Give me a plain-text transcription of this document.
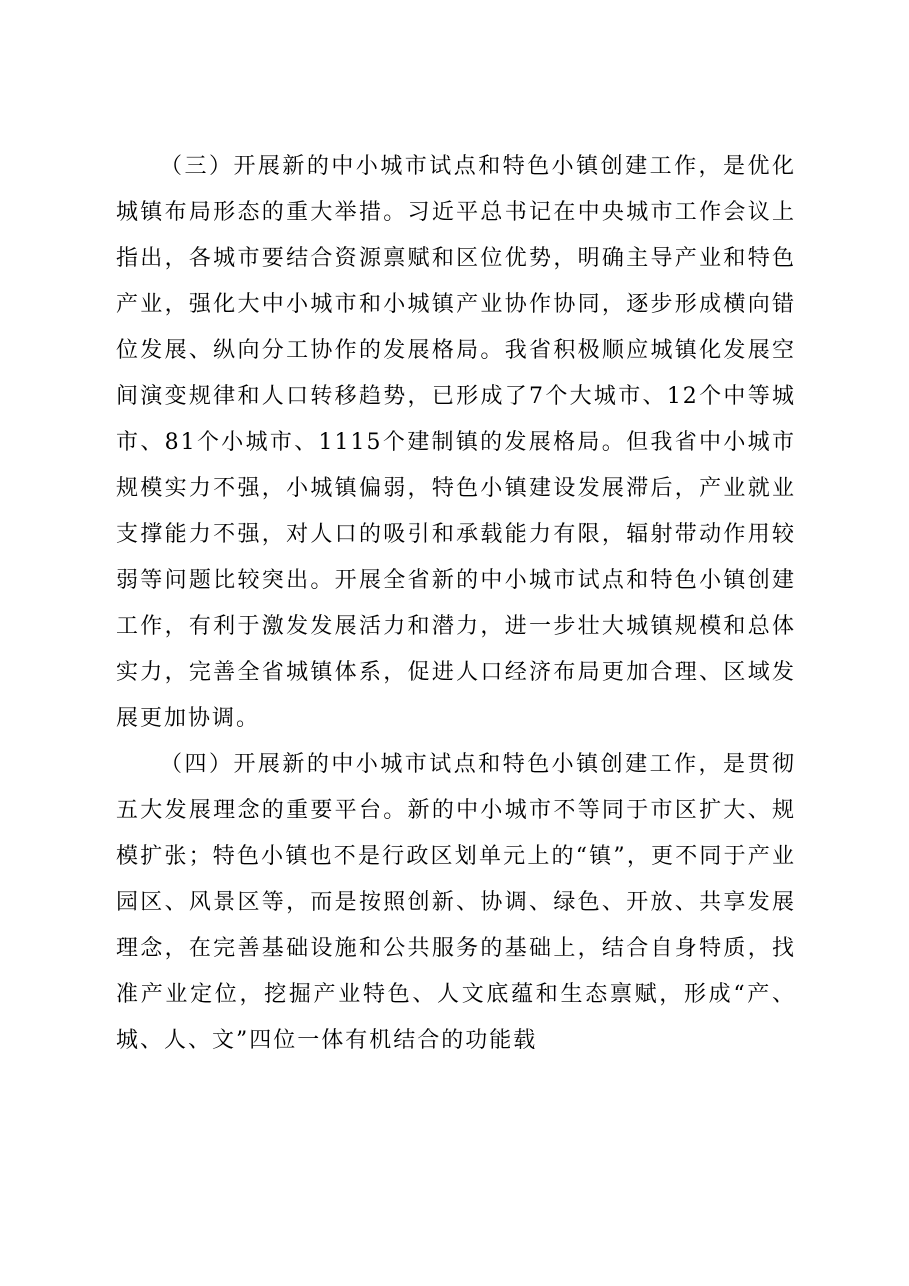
（三）开展新的中小城市试点和特色小镇创建工作，是优化城镇布局形态的重大举措。习近平总书记在中央城市工作会议上指出，各城市要结合资源禀赋和区位优势，明确主导产业和特色产业，强化大中小城市和小城镇产业协作协同，逐步形成横向错位发展、纵向分工协作的发展格局。我省积极顺应城镇化发展空间演变规律和人口转移趋势，已形成了7个大城市、12个中等城市、81个小城市、1115个建制镇的发展格局。但我省中小城市规模实力不强，小城镇偏弱，特色小镇建设发展滞后，产业就业支撑能力不强，对人口的吸引和承载能力有限，辐射带动作用较弱等问题比较突出。开展全省新的中小城市试点和特色小镇创建工作，有利于激发发展活力和潜力，进一步壮大城镇规模和总体实力，完善全省城镇体系，促进人口经济布局更加合理、区域发展更加协调。

（四）开展新的中小城市试点和特色小镇创建工作，是贯彻五大发展理念的重要平台。新的中小城市不等同于市区扩大、规模扩张；特色小镇也不是行政区划单元上的“镇”，更不同于产业园区、风景区等，而是按照创新、协调、绿色、开放、共享发展理念，在完善基础设施和公共服务的基础上，结合自身特质，找准产业定位，挖掘产业特色、人文底蕴和生态禀赋，形成“产、城、人、文”四位一体有机结合的功能载
